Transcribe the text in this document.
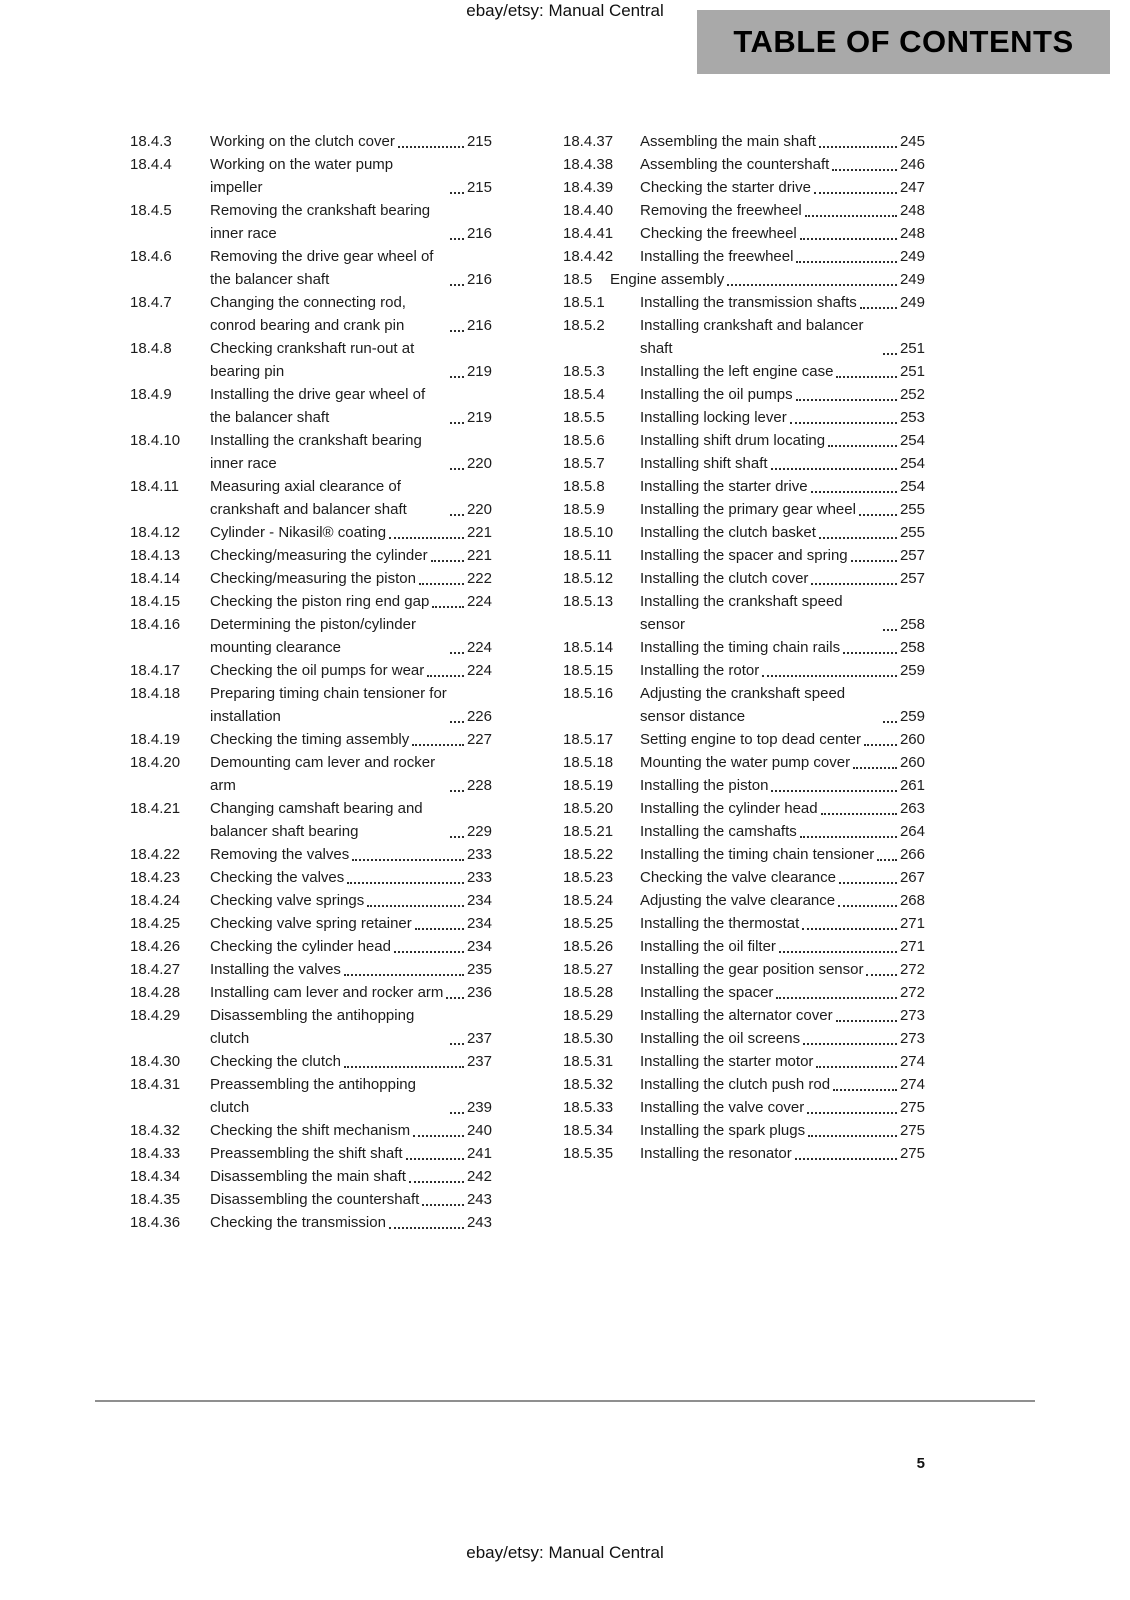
ebay/etsy: Manual Central
TABLE OF CONTENTS
18.4.3	Working on the clutch cover	215
18.4.4	Working on the water pump impeller	215
18.4.5	Removing the crankshaft bearing inner race	216
18.4.6	Removing the drive gear wheel of the balancer shaft	216
18.4.7	Changing the connecting rod, conrod bearing and crank pin	216
18.4.8	Checking crankshaft run-out at bearing pin	219
18.4.9	Installing the drive gear wheel of the balancer shaft	219
18.4.10	Installing the crankshaft bearing inner race	220
18.4.11	Measuring axial clearance of crankshaft and balancer shaft	220
18.4.12	Cylinder - Nikasil® coating	221
18.4.13	Checking/measuring the cylinder	221
18.4.14	Checking/measuring the piston	222
18.4.15	Checking the piston ring end gap	224
18.4.16	Determining the piston/cylinder mounting clearance	224
18.4.17	Checking the oil pumps for wear	224
18.4.18	Preparing timing chain tensioner for installation	226
18.4.19	Checking the timing assembly	227
18.4.20	Demounting cam lever and rocker arm	228
18.4.21	Changing camshaft bearing and balancer shaft bearing	229
18.4.22	Removing the valves	233
18.4.23	Checking the valves	233
18.4.24	Checking valve springs	234
18.4.25	Checking valve spring retainer	234
18.4.26	Checking the cylinder head	234
18.4.27	Installing the valves	235
18.4.28	Installing cam lever and rocker arm 236
18.4.29	Disassembling the antihopping clutch	237
18.4.30	Checking the clutch	237
18.4.31	Preassembling the antihopping clutch	239
18.4.32	Checking the shift mechanism	240
18.4.33	Preassembling the shift shaft	241
18.4.34	Disassembling the main shaft	242
18.4.35	Disassembling the countershaft	243
18.4.36	Checking the transmission	243
18.4.37	Assembling the main shaft	245
18.4.38	Assembling the countershaft	246
18.4.39	Checking the starter drive	247
18.4.40	Removing the freewheel	248
18.4.41	Checking the freewheel	248
18.4.42	Installing the freewheel	249
18.5	Engine assembly	249
18.5.1	Installing the transmission shafts	249
18.5.2	Installing crankshaft and balancer shaft	251
18.5.3	Installing the left engine case	251
18.5.4	Installing the oil pumps	252
18.5.5	Installing locking lever	253
18.5.6	Installing shift drum locating	254
18.5.7	Installing shift shaft	254
18.5.8	Installing the starter drive	254
18.5.9	Installing the primary gear wheel	255
18.5.10	Installing the clutch basket	255
18.5.11	Installing the spacer and spring	257
18.5.12	Installing the clutch cover	257
18.5.13	Installing the crankshaft speed sensor	258
18.5.14	Installing the timing chain rails	258
18.5.15	Installing the rotor	259
18.5.16	Adjusting the crankshaft speed sensor distance	259
18.5.17	Setting engine to top dead center	260
18.5.18	Mounting the water pump cover	260
18.5.19	Installing the piston	261
18.5.20	Installing the cylinder head	263
18.5.21	Installing the camshafts	264
18.5.22	Installing the timing chain tensioner 266
18.5.23	Checking the valve clearance	267
18.5.24	Adjusting the valve clearance	268
18.5.25	Installing the thermostat	271
18.5.26	Installing the oil filter	271
18.5.27	Installing the gear position sensor 272
18.5.28	Installing the spacer	272
18.5.29	Installing the alternator cover	273
18.5.30	Installing the oil screens	273
18.5.31	Installing the starter motor	274
18.5.32	Installing the clutch push rod	274
18.5.33	Installing the valve cover	275
18.5.34	Installing the spark plugs	275
18.5.35	Installing the resonator	275
5
ebay/etsy: Manual Central
